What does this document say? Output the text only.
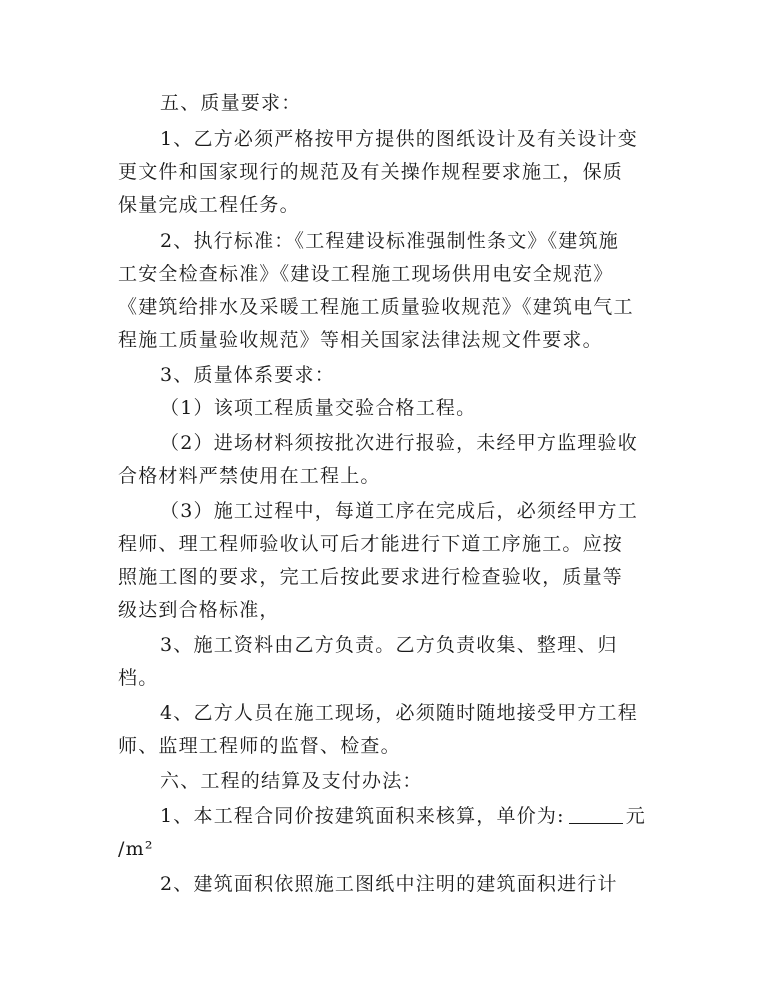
五、质量要求：
1、乙方必须严格按甲方提供的图纸设计及有关设计变
更文件和国家现行的规范及有关操作规程要求施工，保质
保量完成工程任务。
2、执行标准：《工程建设标准强制性条文》《建筑施
工安全检查标准》《建设工程施工现场供用电安全规范》
《建筑给排水及采暖工程施工质量验收规范》《建筑电气工
程施工质量验收规范》等相关国家法律法规文件要求。
3、质量体系要求：
（1）该项工程质量交验合格工程。
（2）进场材料须按批次进行报验，未经甲方监理验收
合格材料严禁使用在工程上。
（3）施工过程中，每道工序在完成后，必须经甲方工
程师、理工程师验收认可后才能进行下道工序施工。应按
照施工图的要求，完工后按此要求进行检查验收，质量等
级达到合格标准，
3、施工资料由乙方负责。乙方负责收集、整理、归
档。
4、乙方人员在施工现场，必须随时随地接受甲方工程
师、监理工程师的监督、检查。
六、工程的结算及支付办法：
1、本工程合同价按建筑面积来核算，单价为:	元
/m²
2、建筑面积依照施工图纸中注明的建筑面积进行计
